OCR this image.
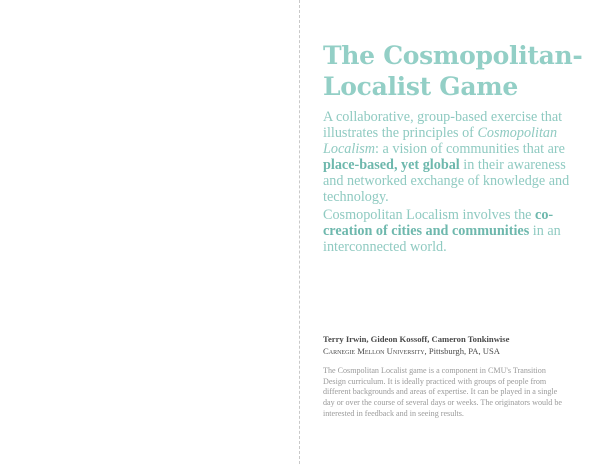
The Cosmopolitan-Localist Game

A collaborative, group-based exercise that illustrates the principles of Cosmopolitan Localism: a vision of communities that are place-based, yet global in their awareness and networked exchange of knowledge and technology.

Cosmopolitan Localism involves the co-creation of cities and communities in an interconnected world.

Terry Irwin, Gideon Kossoff, Cameron Tonkinwise

Carnegie Mellon University, Pittsburgh, PA, USA

The Cosmpolitan Localist game is a component in CMU's Transition Design curriculum. It is ideally practiced with groups of people from different backgrounds and areas of expertise. It can be played in a single day or over the course of several days or weeks. The originators would be interested in feedback and in seeing results.
